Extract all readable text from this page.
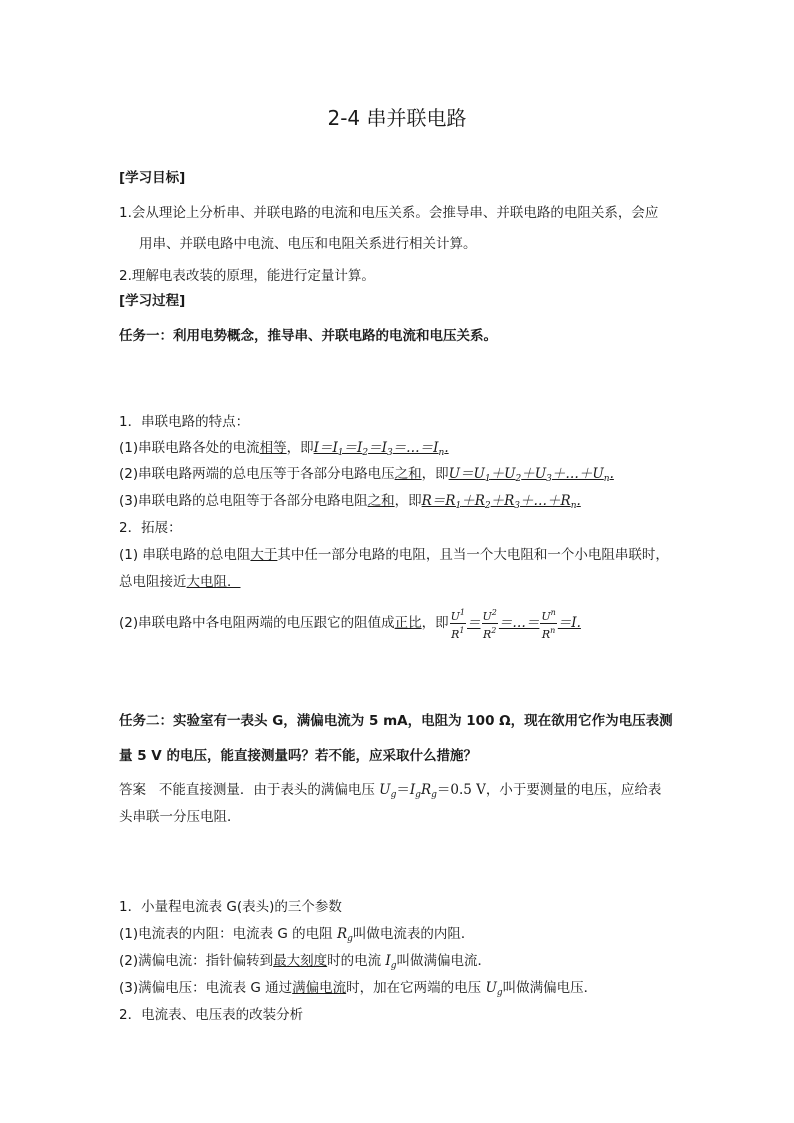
2-4 串并联电路
[学习目标]
1.会从理论上分析串、并联电路的电流和电压关系。会推导串、并联电路的电阻关系，会应
用串、并联电路中电流、电压和电阻关系进行相关计算。
2.理解电表改装的原理，能进行定量计算。
[学习过程]
任务一：利用电势概念，推导串、并联电路的电流和电压关系。
1．串联电路的特点：
(1)串联电路各处的电流相等，即$I=I_1=I_2=I_3=\dots=I_n$.
(2)串联电路两端的总电压等于各部分电路电压之和，即$U=U_1+U_2+U_3+\dots+U_n$.
(3)串联电路的总电阻等于各部分电路电阻之和，即$R=R_1+R_2+R_3+\dots+R_n$.
2．拓展：
(1) 串联电路的总电阻大于其中任一部分电路的电阻，且当一个大电阻和一个小电阻串联时，
总电阻接近大电阻．
(2)串联电路中各电阻两端的电压跟它的阻值成正比，即 $\frac{U^1}{R^1} = \frac{U^2}{R^2}$ ＝…＝ $\frac{U^n}{R^n} =I$.
任务二：实验室有一表头 G，满偏电流为 5 mA，电阻为 100 Ω，现在欲用它作为电压表测
量 5 V 的电压，能直接测量吗？若不能，应采取什么措施？
答案 不能直接测量．由于表头的满偏电压 $U_g=I_gR_g=0.5$ V，小于要测量的电压，应给表
头串联一分压电阻．
1．小量程电流表 G(表头)的三个参数
(1)电流表的内阻：电流表 G 的电阻 $R_g$叫做电流表的内阻．
(2)满偏电流：指针偏转到最大刻度时的电流 $I_g$叫做满偏电流．
(3)满偏电压：电流表 G 通过满偏电流时，加在它两端的电压 $U_g$叫做满偏电压．
2．电流表、电压表的改装分析
